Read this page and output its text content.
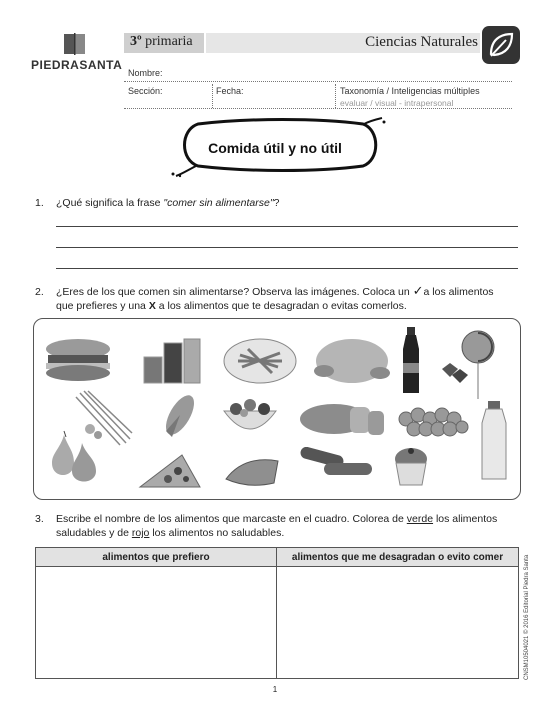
PIEDRASANTA
3º primaria	Ciencias Naturales
Nombre:
Sección:	Fecha:	Taxonomía / Inteligencias múltiples
evaluar / visual - intrapersonal
Comida útil y no útil
1. ¿Qué significa la frase "comer sin alimentarse"?
2. ¿Eres de los que comen sin alimentarse? Observa las imágenes. Coloca un ✓a los alimentos
que prefieres y una X a los alimentos que te desagradan o evitas comerlos.
3. Escribe el nombre de los alimentos que marcaste en el cuadro. Colorea de verde los alimentos
saludables y de rojo los alimentos no saludables.
alimentos que prefiero	alimentos que me desagradan o evito comer
		CNSM10504021 © 2016 Editorial Piedra Santa
1
